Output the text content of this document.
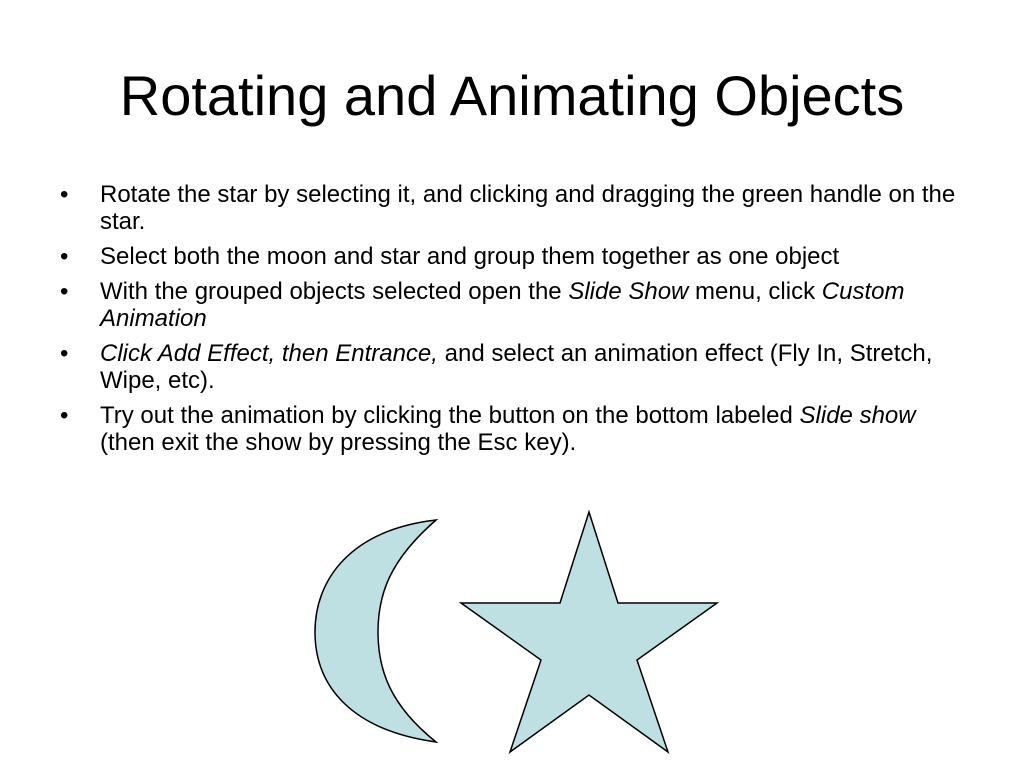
Rotating and Animating Objects
• Rotate the star by selecting it, and clicking and dragging the green handle on the star.
• Select both the moon and star and group them together as one object
• With the grouped objects selected open the Slide Show menu, click Custom Animation
• Click Add Effect, then Entrance, and select an animation effect (Fly In, Stretch, Wipe, etc).
• Try out the animation by clicking the button on the bottom labeled Slide show (then exit the show by pressing the Esc key).
